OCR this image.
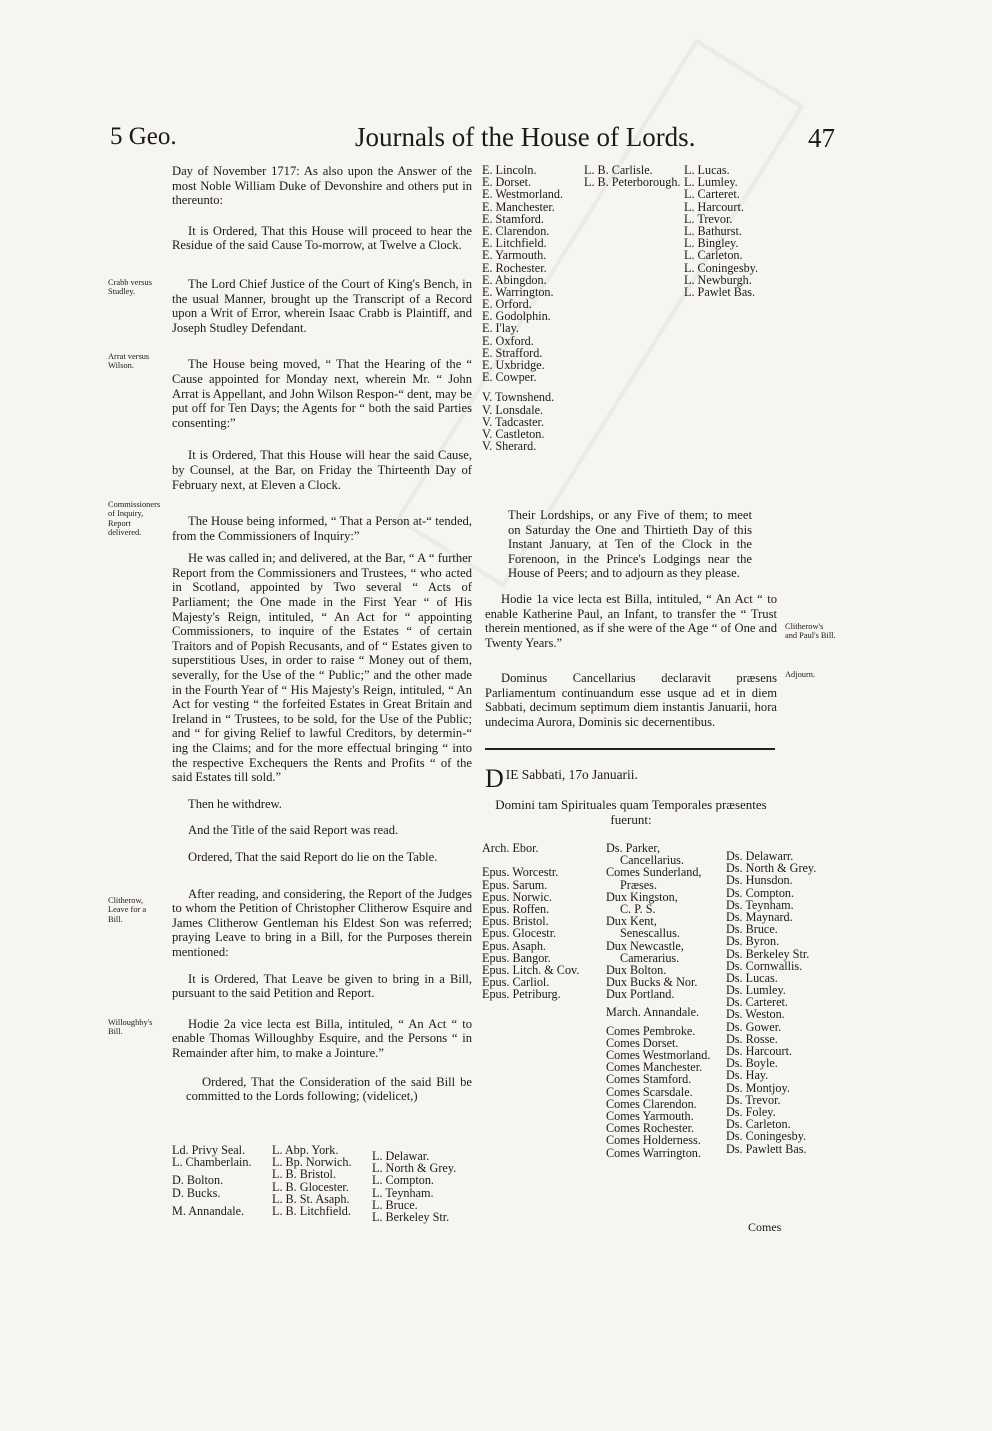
5 Geo.	Journals of the House of Lords.	47
Crabb versus Studley.
Arrat versus Wilson.
Commissioners of Inquiry, Report delivered.
Clitherow, Leave for a Bill.
Willoughby's Bill.
Clitherow's and Paul's Bill.
Adjourn.

Day of November 1717: As also upon the Answer of the most Noble William Duke of Devonshire and others put in thereunto:

It is Ordered, That this House will proceed to hear the Residue of the said Cause To-morrow, at Twelve a Clock.

The Lord Chief Justice of the Court of King's Bench, in the usual Manner, brought up the Transcript of a Record upon a Writ of Error, wherein Isaac Crabb is Plaintiff, and Joseph Studley Defendant.

The House being moved, “ That the Hearing of the “ Cause appointed for Monday next, wherein Mr. “ John Arrat is Appellant, and John Wilson Respon-“ dent, may be put off for Ten Days; the Agents for “ both the said Parties consenting:”

It is Ordered, That this House will hear the said Cause, by Counsel, at the Bar, on Friday the Thirteenth Day of February next, at Eleven a Clock.

The House being informed, “ That a Person at-“ tended, from the Commissioners of Inquiry:”

He was called in; and delivered, at the Bar, “ A “ further Report from the Commissioners and Trustees, “ who acted in Scotland, appointed by Two several “ Acts of Parliament; the One made in the First Year “ of His Majesty's Reign, intituled, “ An Act for “ appointing Commissioners, to inquire of the Estates “ of certain Traitors and of Popish Recusants, and of “ Estates given to superstitious Uses, in order to raise “ Money out of them, severally, for the Use of the “ Public;” and the other made in the Fourth Year of “ His Majesty's Reign, intituled, “ An Act for vesting “ the forfeited Estates in Great Britain and Ireland in “ Trustees, to be sold, for the Use of the Public; and “ for giving Relief to lawful Creditors, by determin-“ ing the Claims; and for the more effectual bringing “ into the respective Exchequers the Rents and Profits “ of the said Estates till sold.”

Then he withdrew.

And the Title of the said Report was read.

Ordered, That the said Report do lie on the Table.

After reading, and considering, the Report of the Judges to whom the Petition of Christopher Clitherow Esquire and James Clitherow Gentleman his Eldest Son was referred; praying Leave to bring in a Bill, for the Purposes therein mentioned:

It is Ordered, That Leave be given to bring in a Bill, pursuant to the said Petition and Report.

Hodie 2a vice lecta est Billa, intituled, “ An Act “ to enable Thomas Willoughby Esquire, and the Persons “ in Remainder after him, to make a Jointure.”

Ordered, That the Consideration of the said Bill be committed to the Lords following; (videlicet,)

Ld. Privy Seal.
L. Chamberlain.
D. Bolton.
D. Bucks.
M. Annandale.
L. Abp. York.
L. Bp. Norwich.
L. B. Bristol.
L. B. Glocester.
L. B. St. Asaph.
L. B. Litchfield.
L. Delawar.
L. North & Grey.
L. Compton.
L. Teynham.
L. Bruce.
L. Berkeley Str.
E. Lincoln.
E. Dorset.
E. Westmorland.
E. Manchester.
E. Stamford.
E. Clarendon.
E. Litchfield.
E. Yarmouth.
E. Rochester.
E. Abingdon.
E. Warrington.
E. Orford.
E. Godolphin.
E. I'lay.
E. Oxford.
E. Strafford.
E. Uxbridge.
E. Cowper.
V. Townshend.
V. Lonsdale.
V. Tadcaster.
V. Castleton.
V. Sherard.
L. B. Carlisle.
L. B. Peterborough.
L. Lucas.
L. Lumley.
L. Carteret.
L. Harcourt.
L. Trevor.
L. Bathurst.
L. Bingley.
L. Carleton.
L. Coningesby.
L. Newburgh.
L. Pawlet Bas.
Their Lordships, or any Five of them; to meet on Saturday the One and Thirtieth Day of this Instant January, at Ten of the Clock in the Forenoon, in the Prince's Lodgings near the House of Peers; and to adjourn as they please.
Hodie 1a vice lecta est Billa, intituled, “ An Act “ to enable Katherine Paul, an Infant, to transfer the “ Trust therein mentioned, as if she were of the Age “ of One and Twenty Years.”
Dominus Cancellarius declaravit præsens Parliamentum continuandum esse usque ad et in diem Sabbati, decimum septimum diem instantis Januarii, hora undecima Aurora, Dominis sic decernentibus.
DIE Sabbati, 17o Januarii.
Domini tam Spirituales quam Temporales præsentes fuerunt:
Arch. Ebor.
Epus. Worcestr.
Epus. Sarum.
Epus. Norwic.
Epus. Roffen.
Epus. Bristol.
Epus. Glocestr.
Epus. Asaph.
Epus. Bangor.
Epus. Litch. & Cov.
Epus. Carliol.
Epus. Petriburg.
Ds. Parker,
Cancellarius.
Comes Sunderland,
Præses.
Dux Kingston,
C. P. S.
Dux Kent,
Senescallus.
Dux Newcastle,
Camerarius.
Dux Bolton.
Dux Bucks & Nor.
Dux Portland.
March. Annandale.
Comes Pembroke.
Comes Dorset.
Comes Westmorland.
Comes Manchester.
Comes Stamford.
Comes Scarsdale.
Comes Clarendon.
Comes Yarmouth.
Comes Rochester.
Comes Holderness.
Comes Warrington.
Ds. Delawarr.
Ds. North & Grey.
Ds. Hunsdon.
Ds. Compton.
Ds. Teynham.
Ds. Maynard.
Ds. Bruce.
Ds. Byron.
Ds. Berkeley Str.
Ds. Cornwallis.
Ds. Lucas.
Ds. Lumley.
Ds. Carteret.
Ds. Weston.
Ds. Gower.
Ds. Rosse.
Ds. Harcourt.
Ds. Boyle.
Ds. Hay.
Ds. Montjoy.
Ds. Trevor.
Ds. Foley.
Ds. Carleton.
Ds. Coningesby.
Ds. Pawlett Bas.
Comes
